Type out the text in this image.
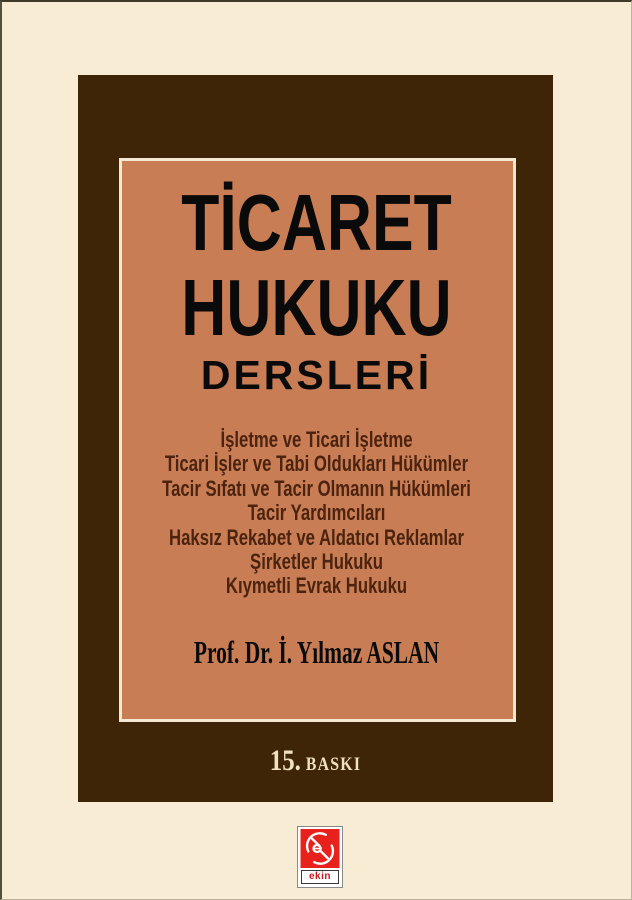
TİCARET
HUKUKU
DERSLERİ
İşletme ve Ticari İşletme
Ticari İşler ve Tabi Oldukları Hükümler
Tacir Sıfatı ve Tacir Olmanın Hükümleri
Tacir Yardımcıları
Haksız Rekabet ve Aldatıcı Reklamlar
Şirketler Hukuku
Kıymetli Evrak Hukuku
Prof. Dr. İ. Yılmaz ASLAN
15. BASKI
ekin
